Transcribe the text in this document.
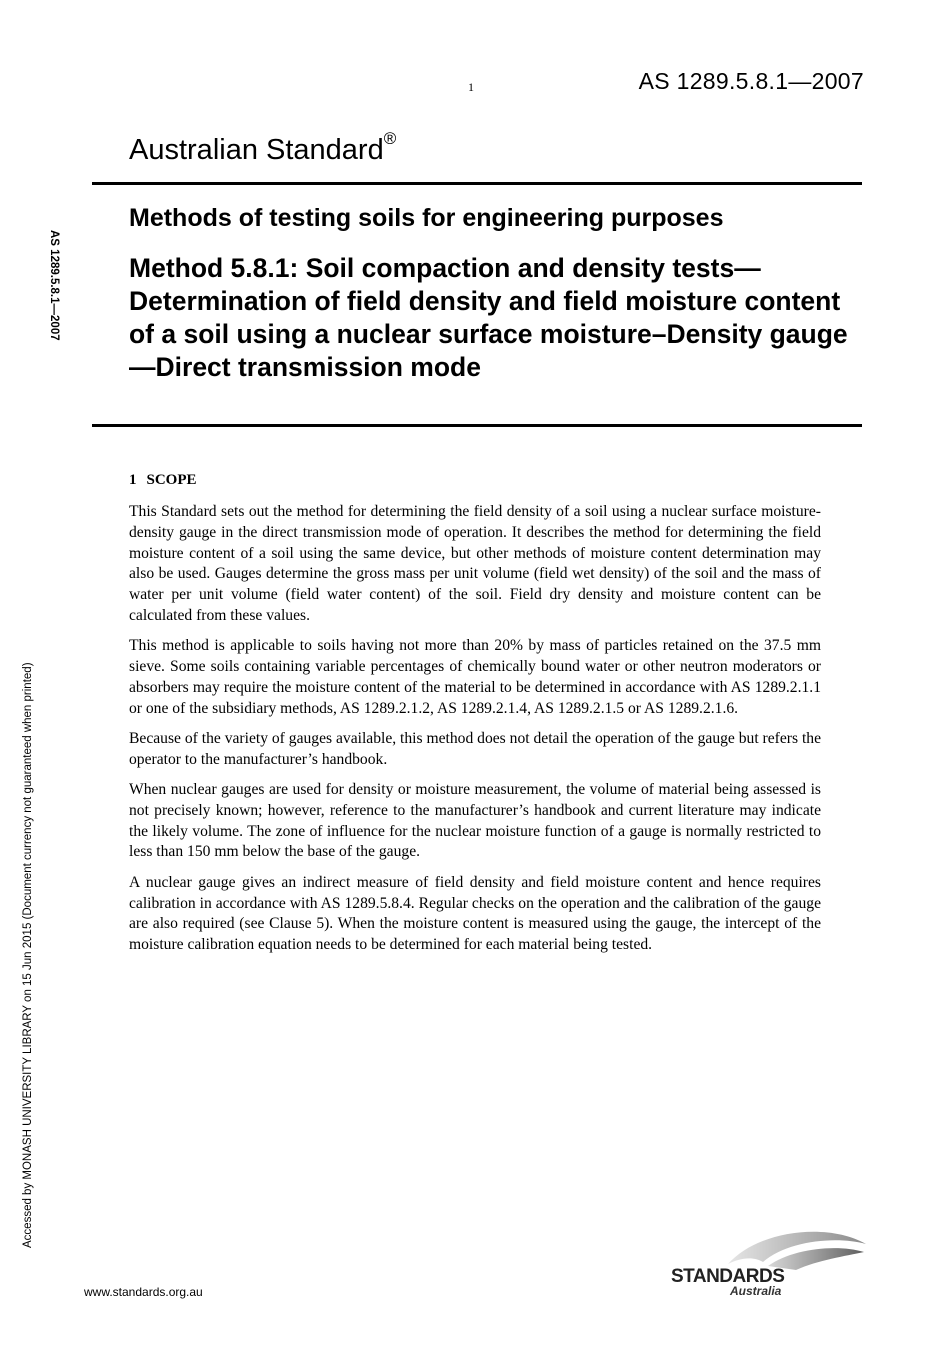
1	AS 1289.5.8.1—2007
Australian Standard®
Methods of testing soils for engineering purposes
Method 5.8.1: Soil compaction and density tests—Determination of field density and field moisture content of a soil using a nuclear surface moisture–Density gauge—Direct transmission mode
AS 1289.5.8.1—2007
Accessed by MONASH UNIVERSITY LIBRARY on 15 Jun 2015 (Document currency not guaranteed when printed)
1 SCOPE

This Standard sets out the method for determining the field density of a soil using a nuclear surface moisture-density gauge in the direct transmission mode of operation. It describes the method for determining the field moisture content of a soil using the same device, but other methods of moisture content determination may also be used. Gauges determine the gross mass per unit volume (field wet density) of the soil and the mass of water per unit volume (field water content) of the soil. Field dry density and moisture content can be calculated from these values.

This method is applicable to soils having not more than 20% by mass of particles retained on the 37.5 mm sieve. Some soils containing variable percentages of chemically bound water or other neutron moderators or absorbers may require the moisture content of the material to be determined in accordance with AS 1289.2.1.1 or one of the subsidiary methods, AS 1289.2.1.2, AS 1289.2.1.4, AS 1289.2.1.5 or AS 1289.2.1.6.

Because of the variety of gauges available, this method does not detail the operation of the gauge but refers the operator to the manufacturer’s handbook.

When nuclear gauges are used for density or moisture measurement, the volume of material being assessed is not precisely known; however, reference to the manufacturer’s handbook and current literature may indicate the likely volume. The zone of influence for the nuclear moisture function of a gauge is normally restricted to less than 150 mm below the base of the gauge.

A nuclear gauge gives an indirect measure of field density and field moisture content and hence requires calibration in accordance with AS 1289.5.8.4. Regular checks on the operation and the calibration of the gauge are also required (see Clause 5). When the moisture content is measured using the gauge, the intercept of the moisture calibration equation needs to be determined for each material being tested.

www.standards.org.au
STANDARDS
Australia
